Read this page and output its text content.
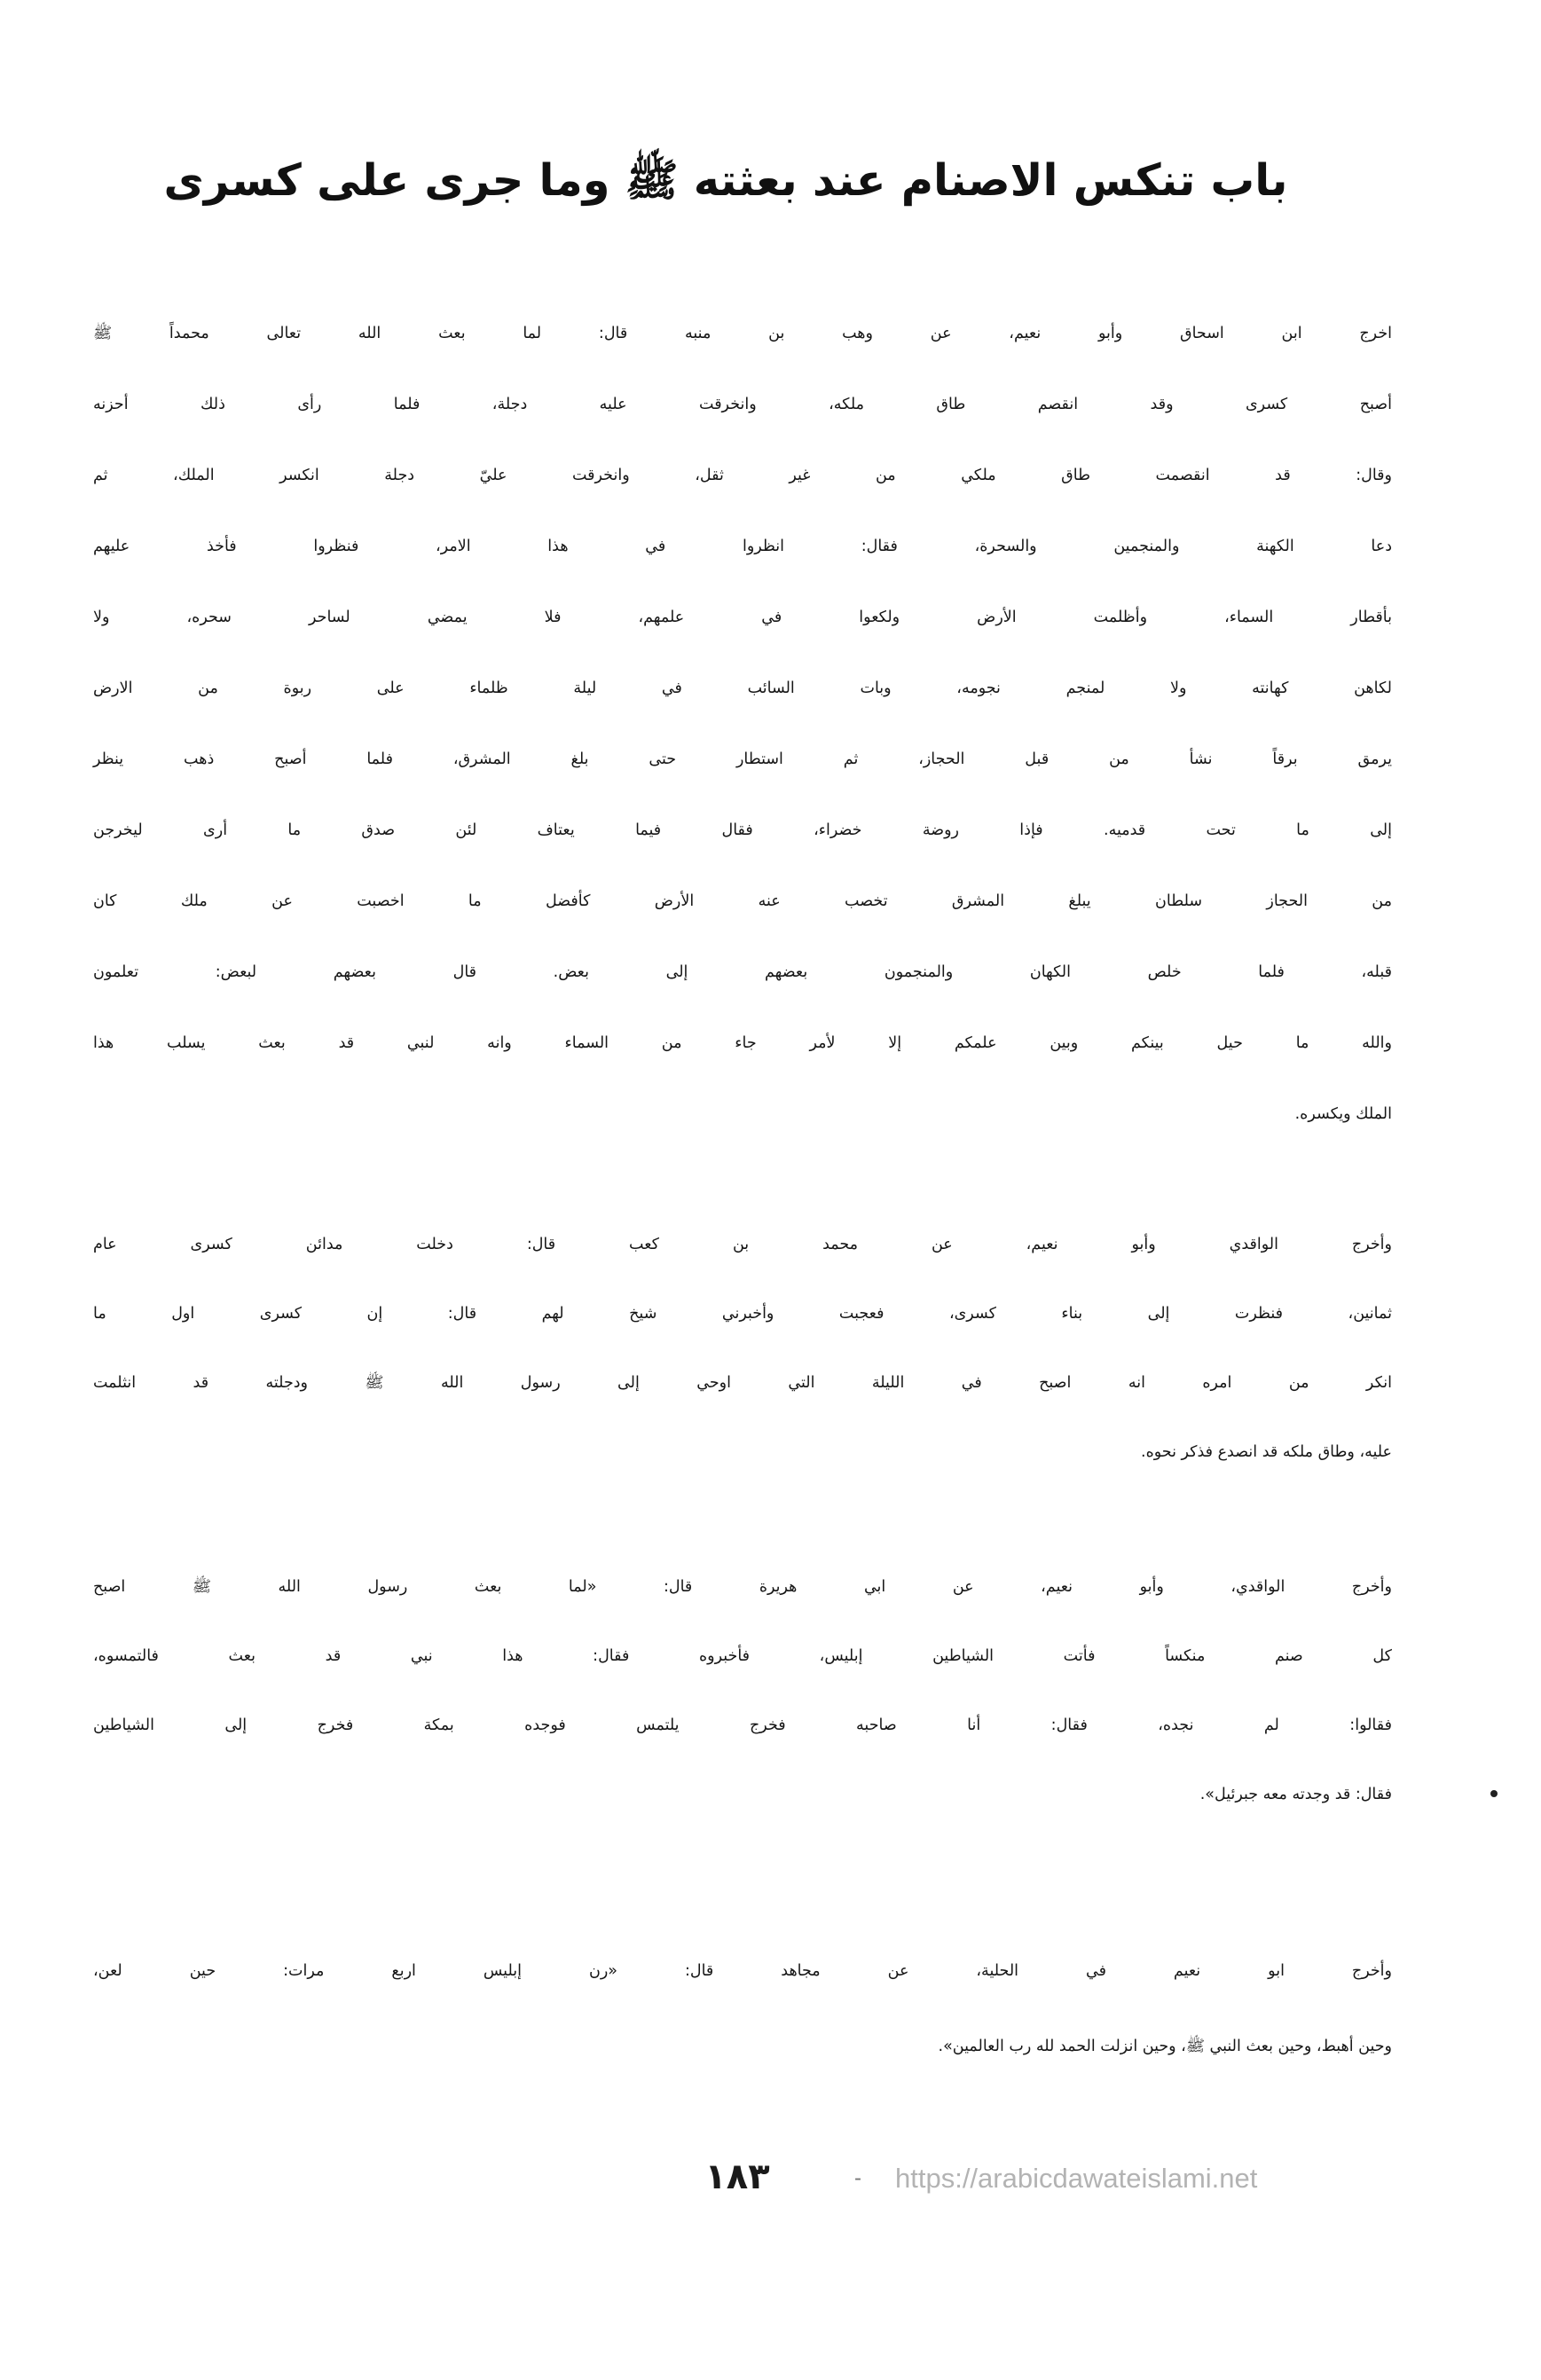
باب تنكس الاصنام عند بعثته ﷺ وما جرى على كسرى
اخرج ابن اسحاق وأبو نعيم، عن وهب بن منبه قال: لما بعث الله تعالى محمداً ﷺ
أصبح كسرى وقد انقصم طاق ملكه، وانخرقت عليه دجلة، فلما رأى ذلك أحزنه
وقال: قد انقصمت طاق ملكي من غير ثقل، وانخرقت عليّ دجلة انكسر الملك، ثم
دعا الكهنة والمنجمين والسحرة، فقال: انظروا في هذا الامر، فنظروا فأخذ عليهم
بأقطار السماء، وأظلمت الأرض ولكعوا في علمهم، فلا يمضي لساحر سحره، ولا
لكاهن كهانته ولا لمنجم نجومه، وبات السائب في ليلة ظلماء على ربوة من الارض
يرمق برقاً نشأ من قبل الحجاز، ثم استطار حتى بلغ المشرق، فلما أصبح ذهب ينظر
إلى ما تحت قدميه. فإذا روضة خضراء، فقال فيما يعتاف لئن صدق ما أرى ليخرجن
من الحجاز سلطان يبلغ المشرق تخصب عنه الأرض كأفضل ما اخصبت عن ملك كان
قبله، فلما خلص الكهان والمنجمون بعضهم إلى بعض. قال بعضهم لبعض: تعلمون
والله ما حيل بينكم وبين علمكم إلا لأمر جاء من السماء وانه لنبي قد بعث يسلب هذا
الملك ويكسره.
وأخرج الواقدي وأبو نعيم، عن محمد بن كعب قال: دخلت مدائن كسرى عام
ثمانين، فنظرت إلى بناء كسرى، فعجبت وأخبرني شيخ لهم قال: إن كسرى اول ما
انكر من امره انه اصبح في الليلة التي اوحي إلى رسول الله ﷺ ودجلته قد انثلمت
عليه، وطاق ملكه قد انصدع فذكر نحوه.
وأخرج الواقدي، وأبو نعيم، عن ابي هريرة قال: «لما بعث رسول الله ﷺ اصبح
كل صنم منكساً فأتت الشياطين إبليس، فأخبروه فقال: هذا نبي قد بعث فالتمسوه،
فقالوا: لم نجده، فقال: أنا صاحبه فخرج يلتمس فوجده بمكة فخرج إلى الشياطين
فقال: قد وجدته معه جبرئيل».
وأخرج ابو نعيم في الحلية، عن مجاهد قال: «رن إبليس اربع مرات: حين لعن،
وحين أهبط، وحين بعث النبي ﷺ، وحين انزلت الحمد لله رب العالمين».
١٨٣	- https://arabicdawateislami.net
